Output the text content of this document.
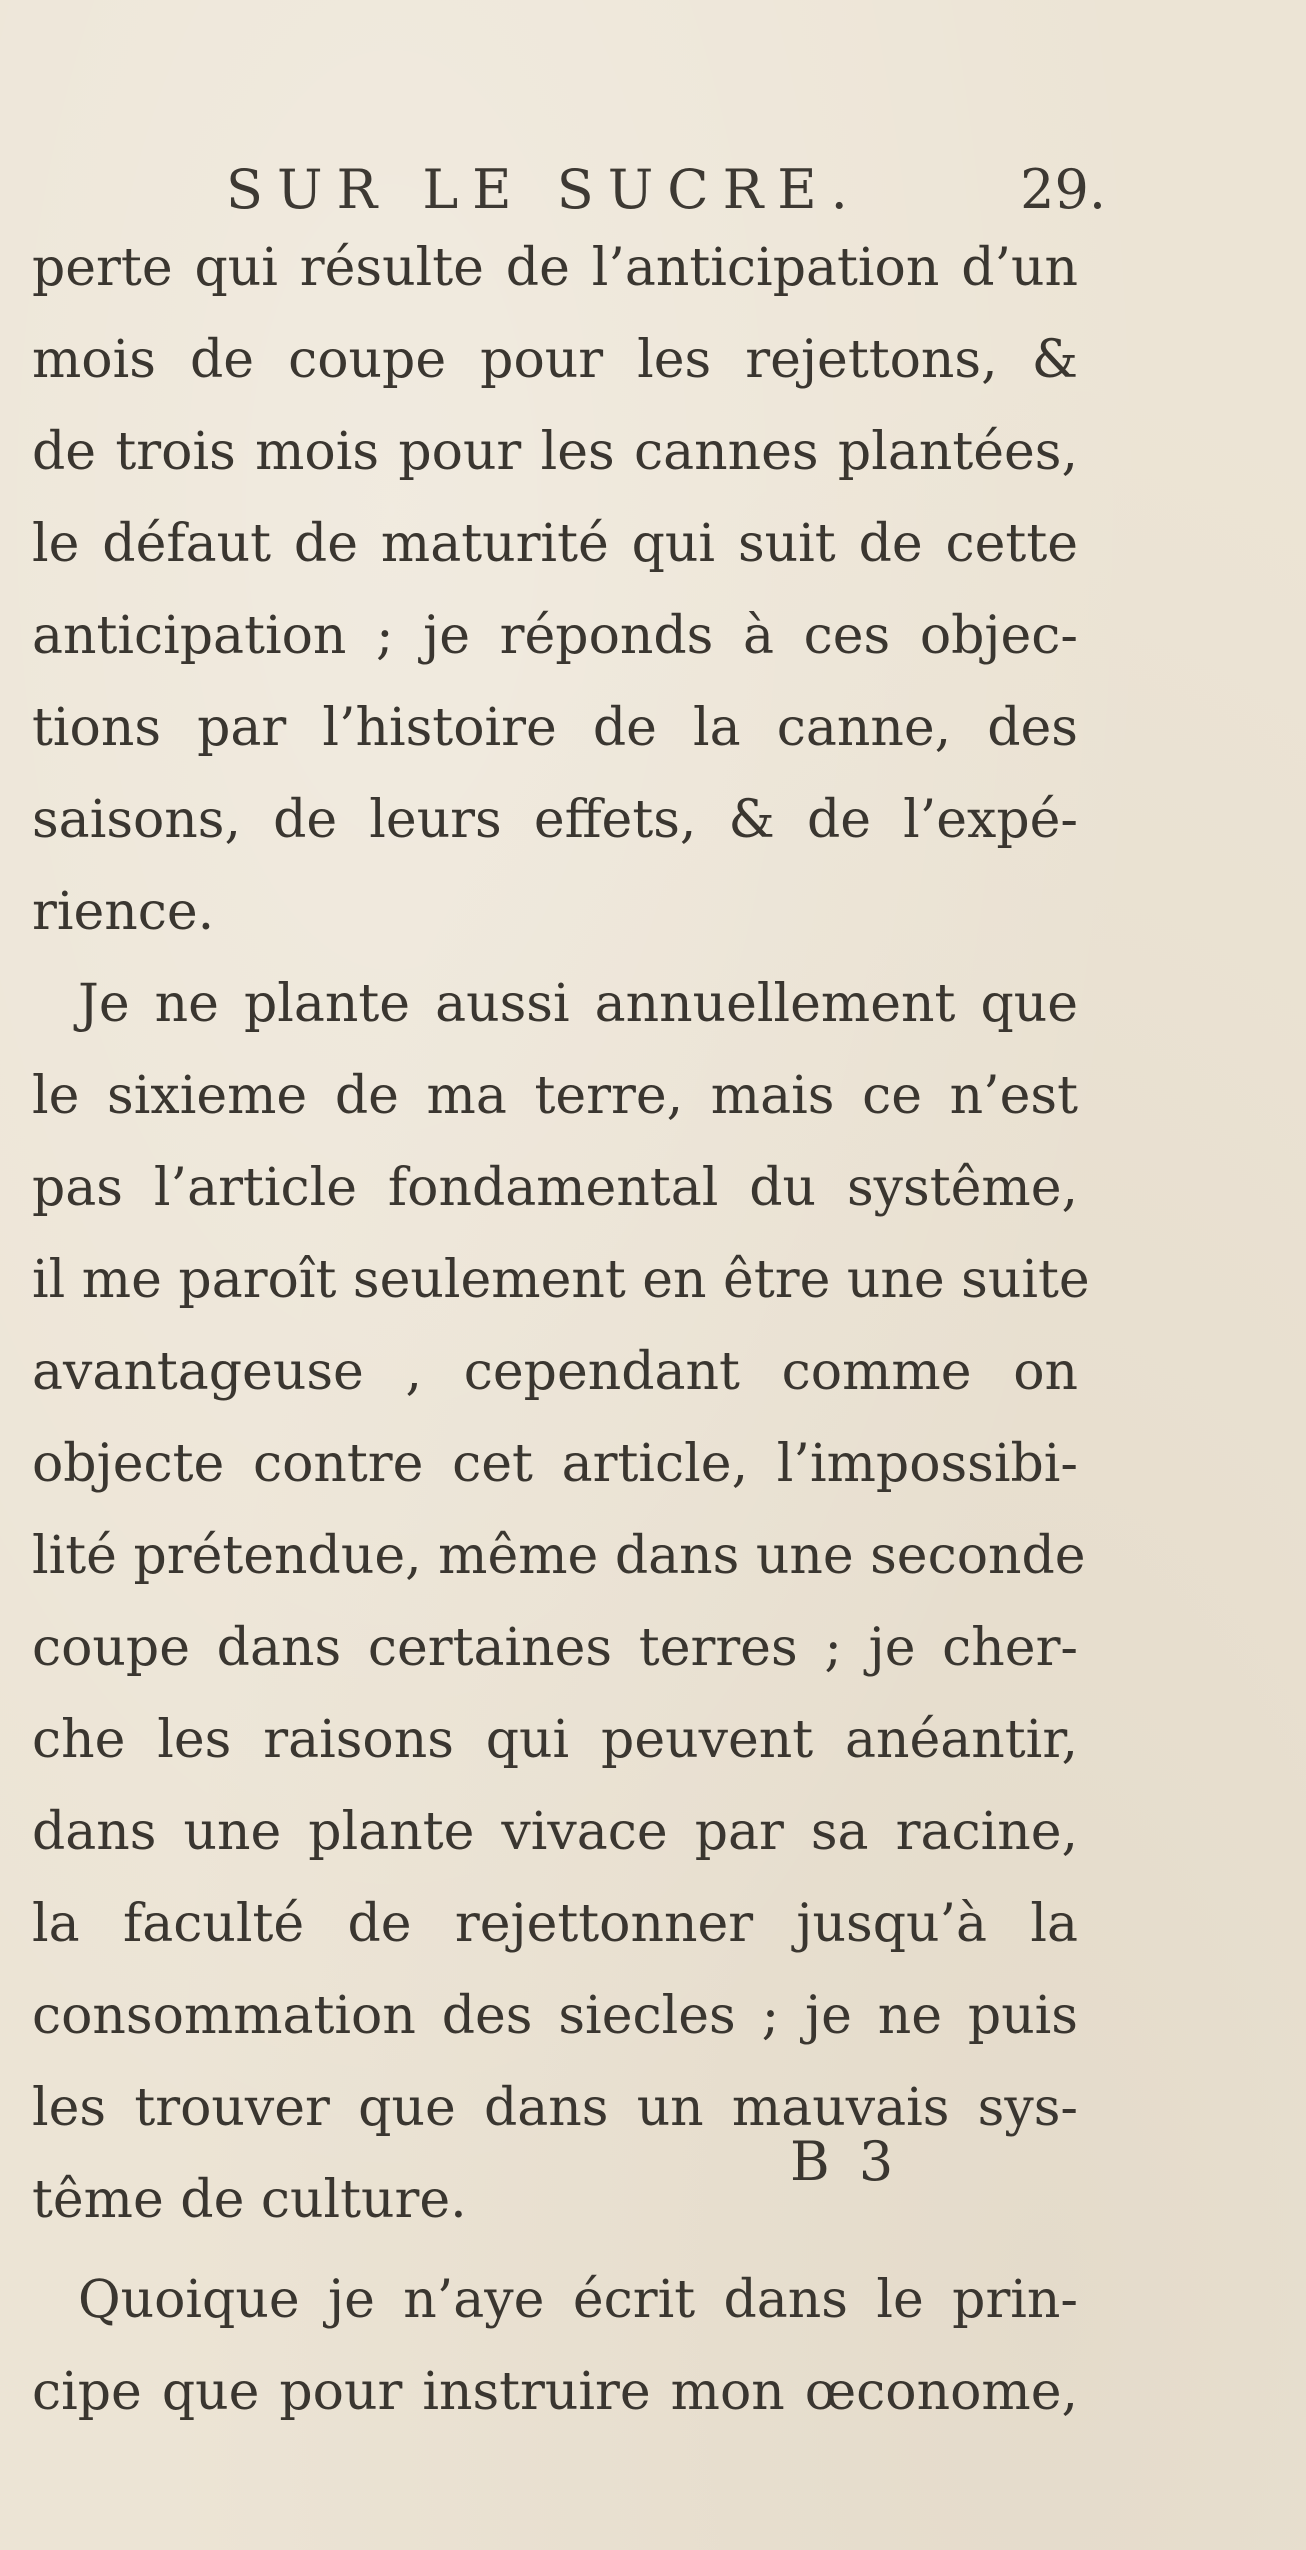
SUR LE SUCRE.	29.
perte qui résulte de l’anticipation d’un
mois de coupe pour les rejettons, &
de trois mois pour les cannes plantées,
le défaut de maturité qui suit de cette
anticipation ; je réponds à ces objec-
tions par l’histoire de la canne, des
saisons, de leurs effets, & de l’expé-
rience.
Je ne plante aussi annuellement que
le sixieme de ma terre, mais ce n’est
pas l’article fondamental du systême,
il me paroît seulement en être une suite
avantageuse , cependant comme on
objecte contre cet article, l’impossibi-
lité prétendue, même dans une seconde
coupe dans certaines terres ; je cher-
che les raisons qui peuvent anéantir,
dans une plante vivace par sa racine,
la faculté de rejettonner jusqu’à la
consommation des siecles ; je ne puis
les trouver que dans un mauvais sys-
tême de culture.
Quoique je n’aye écrit dans le prin-
cipe que pour instruire mon œconome,
B 3
